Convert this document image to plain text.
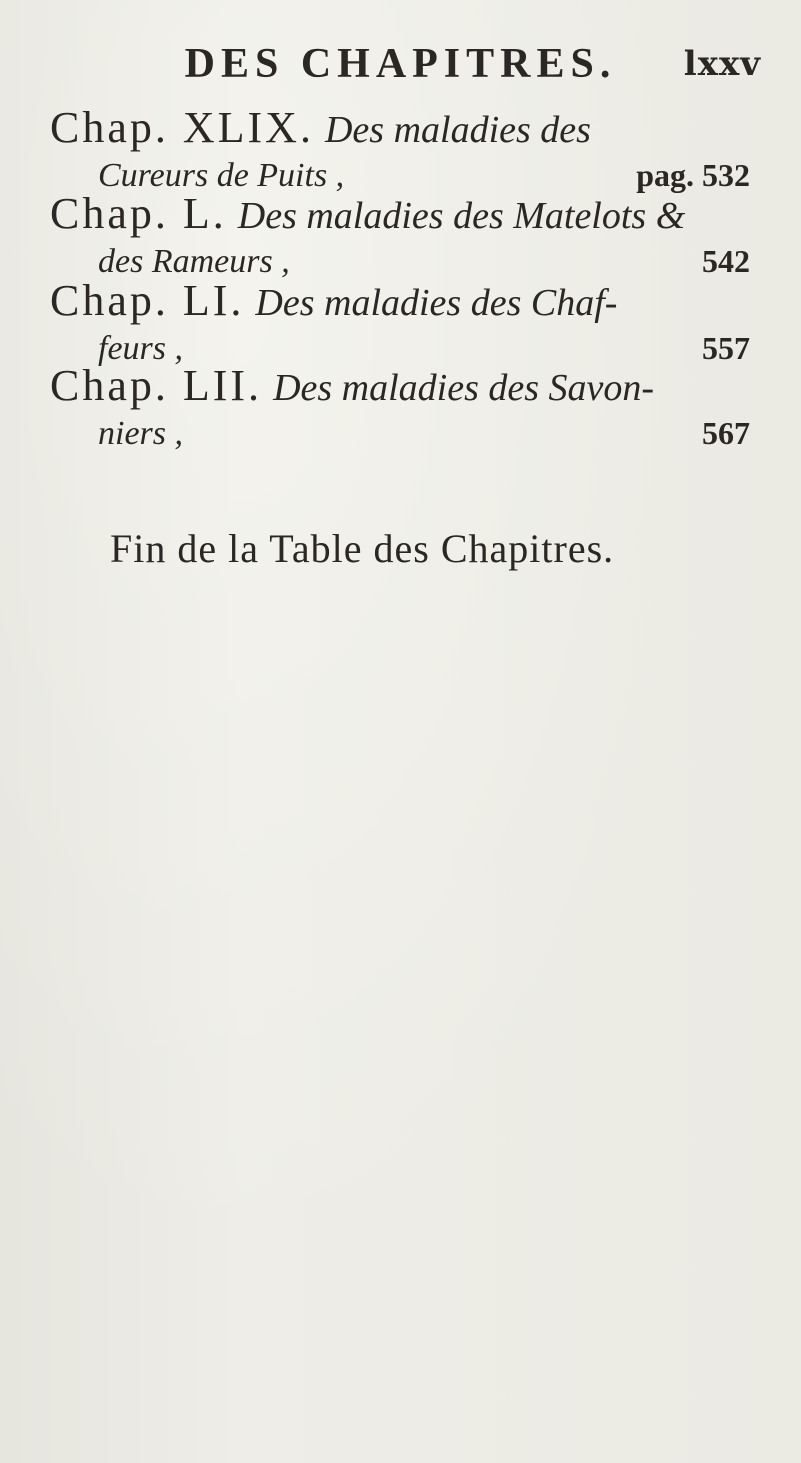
DES CHAPITRES.	lxxv
Chap. XLIX. Des maladies des
Cureurs de Puits ,	pag. 532
Chap. L. Des maladies des Matelots &
des Rameurs ,	542
Chap. LI. Des maladies des Chaf-
feurs ,	557
Chap. LII. Des maladies des Savon-
niers ,	567
Fin de la Table des Chapitres.
